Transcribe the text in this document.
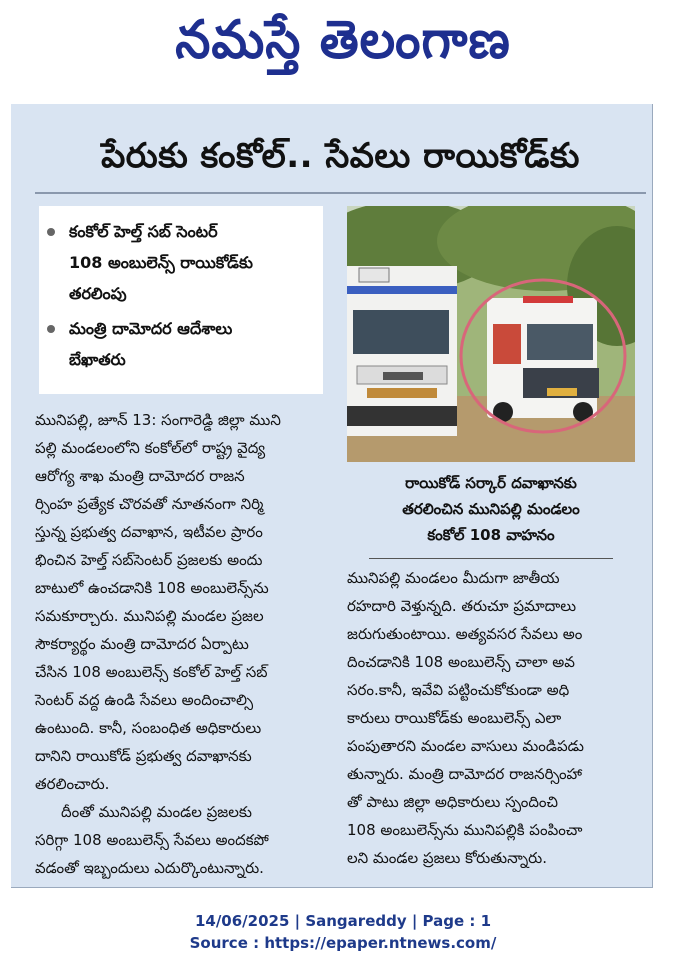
నమస్తే తెలంగాణ
పేరుకు కంకోల్.. సేవలు రాయికోడ్‌కు
కంకోల్ హెల్త్ సబ్ సెంటర్
108 అంబులెన్స్ రాయికోడ్‌కు
తరలింపు
మంత్రి దామోదర ఆదేశాలు
బేఖాతరు
రాయికోడ్ సర్కార్ దవాఖానకు
తరలించిన మునిపల్లి మండలం
కంకోల్ 108 వాహనం

మునిపల్లి, జూన్ 13: సంగారెడ్డి జిల్లా ముని

పల్లి మండలంలోని కంకోల్‌లో రాష్ట్ర వైద్య

ఆరోగ్య శాఖ మంత్రి దామోదర రాజన

ర్సింహ ప్రత్యేక చొరవతో నూతనంగా నిర్మి

స్తున్న ప్రభుత్వ దవాఖాన, ఇటీవల ప్రారం

భించిన హెల్త్ సబ్‌సెంటర్ ప్రజలకు అందు

బాటులో ఉంచడానికి 108 అంబులెన్స్‌ను

సమకూర్చారు. మునిపల్లి మండల ప్రజల

సౌకర్యార్థం మంత్రి దామోదర ఏర్పాటు

చేసిన 108 అంబులెన్స్ కంకోల్ హెల్త్ సబ్

సెంటర్ వద్ద ఉండి సేవలు అందించాల్సి

ఉంటుంది. కానీ, సంబంధిత అధికారులు

దానిని రాయికోడ్ ప్రభుత్వ దవాఖానకు

తరలించారు.

దీంతో మునిపల్లి మండల ప్రజలకు

సరిగ్గా 108 అంబులెన్స్ సేవలు అందకపో

వడంతో ఇబ్బందులు ఎదుర్కొంటున్నారు.

మునిపల్లి మండలం మీదుగా జాతీయ

రహదారి వెళ్తున్నది. తరుచూ ప్రమాదాలు

జరుగుతుంటాయి. అత్యవసర సేవలు అం

దించడానికి 108 అంబులెన్స్ చాలా అవ

సరం.కానీ, ఇవేవి పట్టించుకోకుండా అధి

కారులు రాయికోడ్‌కు అంబులెన్స్ ఎలా

పంపుతారని మండల వాసులు మండిపడు

తున్నారు. మంత్రి దామోదర రాజనర్సింహా

తో పాటు జిల్లా అధికారులు స్పందించి

108 అంబులెన్స్‌ను మునిపల్లికి పంపించా

లని మండల ప్రజలు కోరుతున్నారు.

14/06/2025 | Sangareddy | Page : 1
Source : https://epaper.ntnews.com/
